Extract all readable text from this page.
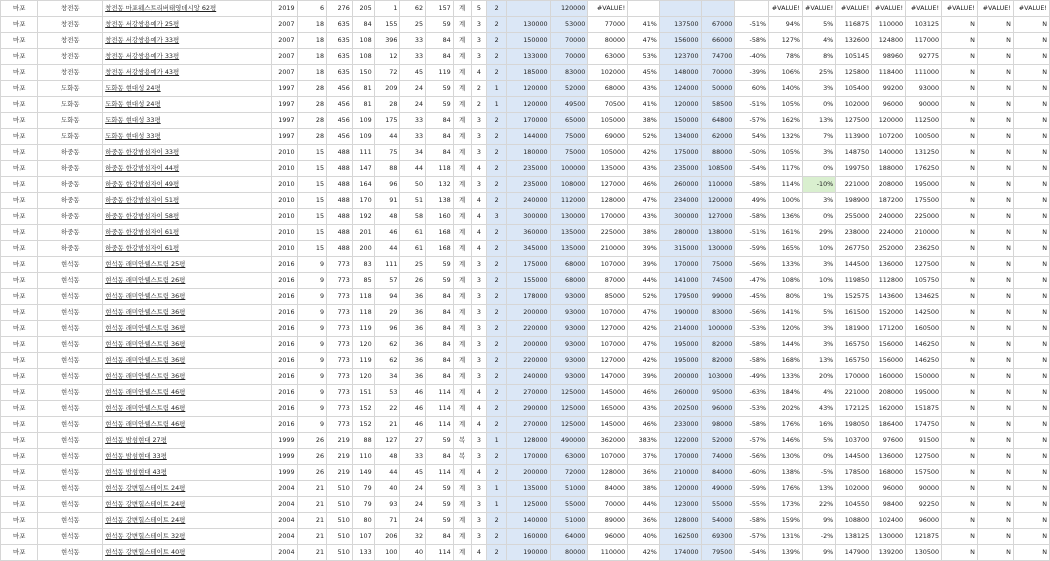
마포	창전동	창전동 마포웨스트리버태영데시앙 62평	2019	6	276	205	1	62	157	계	5	2		120000	#VALUE!					#VALUE!	#VALUE!	#VALUE!	#VALUE!	#VALUE!	#VALUE!	#VALUE!	#VALUE!
마포	창전동	창전동 서강쌍용예가 25평	2007	18	635	84	155	25	59	계	3	2	130000	53000	77000	41%	137500	67000	-51%	94%	5%	116875	110000	103125	N	N	N
마포	창전동	창전동 서강쌍용예가 33평	2007	18	635	108	396	33	84	계	3	2	150000	70000	80000	47%	156000	66000	-58%	127%	4%	132600	124800	117000	N	N	N
마포	창전동	창전동 서강쌍용예가 33평	2007	18	635	108	12	33	84	계	3	2	133000	70000	63000	53%	123700	74700	-40%	78%	8%	105145	98960	92775	N	N	N
마포	창전동	창전동 서강쌍용예가 43평	2007	18	635	150	72	45	119	계	4	2	185000	83000	102000	45%	148000	70000	-39%	106%	25%	125800	118400	111000	N	N	N
마포	도화동	도화동 현대성 24평	1997	28	456	81	209	24	59	계	2	1	120000	52000	68000	43%	124000	50000	60%	140%	3%	105400	99200	93000	N	N	N
마포	도화동	도화동 현대성 24평	1997	28	456	81	28	24	59	계	2	1	120000	49500	70500	41%	120000	58500	-51%	105%	0%	102000	96000	90000	N	N	N
마포	도화동	도화동 현대성 33평	1997	28	456	109	175	33	84	계	3	2	170000	65000	105000	38%	150000	64800	-57%	162%	13%	127500	120000	112500	N	N	N
마포	도화동	도화동 현대성 33평	1997	28	456	109	44	33	84	계	3	2	144000	75000	69000	52%	134000	62000	54%	132%	7%	113900	107200	100500	N	N	N
마포	하중동	하중동 한강밤섬자이 33평	2010	15	488	111	75	34	84	계	3	2	180000	75000	105000	42%	175000	88000	-50%	105%	3%	148750	140000	131250	N	N	N
마포	하중동	하중동 한강밤섬자이 44평	2010	15	488	147	88	44	118	계	4	2	235000	100000	135000	43%	235000	108500	-54%	117%	0%	199750	188000	176250	N	N	N
마포	하중동	하중동 한강밤섬자이 49평	2010	15	488	164	96	50	132	계	3	2	235000	108000	127000	46%	260000	110000	-58%	114%	-10%	221000	208000	195000	N	N	N
마포	하중동	하중동 한강밤섬자이 51평	2010	15	488	170	91	51	138	계	4	2	240000	112000	128000	47%	234000	120000	49%	100%	3%	198900	187200	175500	N	N	N
마포	하중동	하중동 한강밤섬자이 58평	2010	15	488	192	48	58	160	계	4	3	300000	130000	170000	43%	300000	127000	-58%	136%	0%	255000	240000	225000	N	N	N
마포	하중동	하중동 한강밤섬자이 61평	2010	15	488	201	46	61	168	계	4	2	360000	135000	225000	38%	280000	138000	-51%	161%	29%	238000	224000	210000	N	N	N
마포	하중동	하중동 한강밤섬자이 61평	2010	15	488	200	44	61	168	계	4	2	345000	135000	210000	39%	315000	130000	-59%	165%	10%	267750	252000	236250	N	N	N
마포	현석동	현석동 래미안웰스트림 25평	2016	9	773	83	111	25	59	계	3	2	175000	68000	107000	39%	170000	75000	-56%	133%	3%	144500	136000	127500	N	N	N
마포	현석동	현석동 래미안웰스트림 26평	2016	9	773	85	57	26	59	계	3	2	155000	68000	87000	44%	141000	74500	-47%	108%	10%	119850	112800	105750	N	N	N
마포	현석동	현석동 래미안웰스트림 36평	2016	9	773	118	94	36	84	계	3	2	178000	93000	85000	52%	179500	99000	-45%	80%	1%	152575	143600	134625	N	N	N
마포	현석동	현석동 래미안웰스트림 36평	2016	9	773	118	29	36	84	계	3	2	200000	93000	107000	47%	190000	83000	-56%	141%	5%	161500	152000	142500	N	N	N
마포	현석동	현석동 래미안웰스트림 36평	2016	9	773	119	96	36	84	계	3	2	220000	93000	127000	42%	214000	100000	-53%	120%	3%	181900	171200	160500	N	N	N
마포	현석동	현석동 래미안웰스트림 36평	2016	9	773	120	62	36	84	계	3	2	200000	93000	107000	47%	195000	82000	-58%	144%	3%	165750	156000	146250	N	N	N
마포	현석동	현석동 래미안웰스트림 36평	2016	9	773	119	62	36	84	계	3	2	220000	93000	127000	42%	195000	82000	-58%	168%	13%	165750	156000	146250	N	N	N
마포	현석동	현석동 래미안웰스트림 36평	2016	9	773	120	34	36	84	계	3	2	240000	93000	147000	39%	200000	103000	-49%	133%	20%	170000	160000	150000	N	N	N
마포	현석동	현석동 래미안웰스트림 46평	2016	9	773	151	53	46	114	계	4	2	270000	125000	145000	46%	260000	95000	-63%	184%	4%	221000	208000	195000	N	N	N
마포	현석동	현석동 래미안웰스트림 46평	2016	9	773	152	22	46	114	계	4	2	290000	125000	165000	43%	202500	96000	-53%	202%	43%	172125	162000	151875	N	N	N
마포	현석동	현석동 래미안웰스트림 46평	2016	9	773	152	21	46	114	계	4	2	270000	125000	145000	46%	233000	98000	-58%	176%	16%	198050	186400	174750	N	N	N
마포	현석동	현석동 밤섬현대 27평	1999	26	219	88	127	27	59	복	3	1	128000	490000	362000	383%	122000	52000	-57%	146%	5%	103700	97600	91500	N	N	N
마포	현석동	현석동 밤섬현대 33평	1999	26	219	110	48	33	84	복	3	2	170000	63000	107000	37%	170000	74000	-56%	130%	0%	144500	136000	127500	N	N	N
마포	현석동	현석동 밤섬현대 43평	1999	26	219	149	44	45	114	계	4	2	200000	72000	128000	36%	210000	84000	-60%	138%	-5%	178500	168000	157500	N	N	N
마포	현석동	현석동 강변힐스테이트 24평	2004	21	510	79	40	24	59	계	3	1	135000	51000	84000	38%	120000	49000	-59%	176%	13%	102000	96000	90000	N	N	N
마포	현석동	현석동 강변힐스테이트 24평	2004	21	510	79	93	24	59	계	3	1	125000	55000	70000	44%	123000	55000	-55%	173%	22%	104550	98400	92250	N	N	N
마포	현석동	현석동 강변힐스테이트 24평	2004	21	510	80	71	24	59	계	3	2	140000	51000	89000	36%	128000	54000	-58%	159%	9%	108800	102400	96000	N	N	N
마포	현석동	현석동 강변힐스테이트 32평	2004	21	510	107	206	32	84	계	3	2	160000	64000	96000	40%	162500	69300	-57%	131%	-2%	138125	130000	121875	N	N	N
마포	현석동	현석동 강변힐스테이트 40평	2004	21	510	133	100	40	114	계	4	2	190000	80000	110000	42%	174000	79500	-54%	139%	9%	147900	139200	130500	N	N	N
